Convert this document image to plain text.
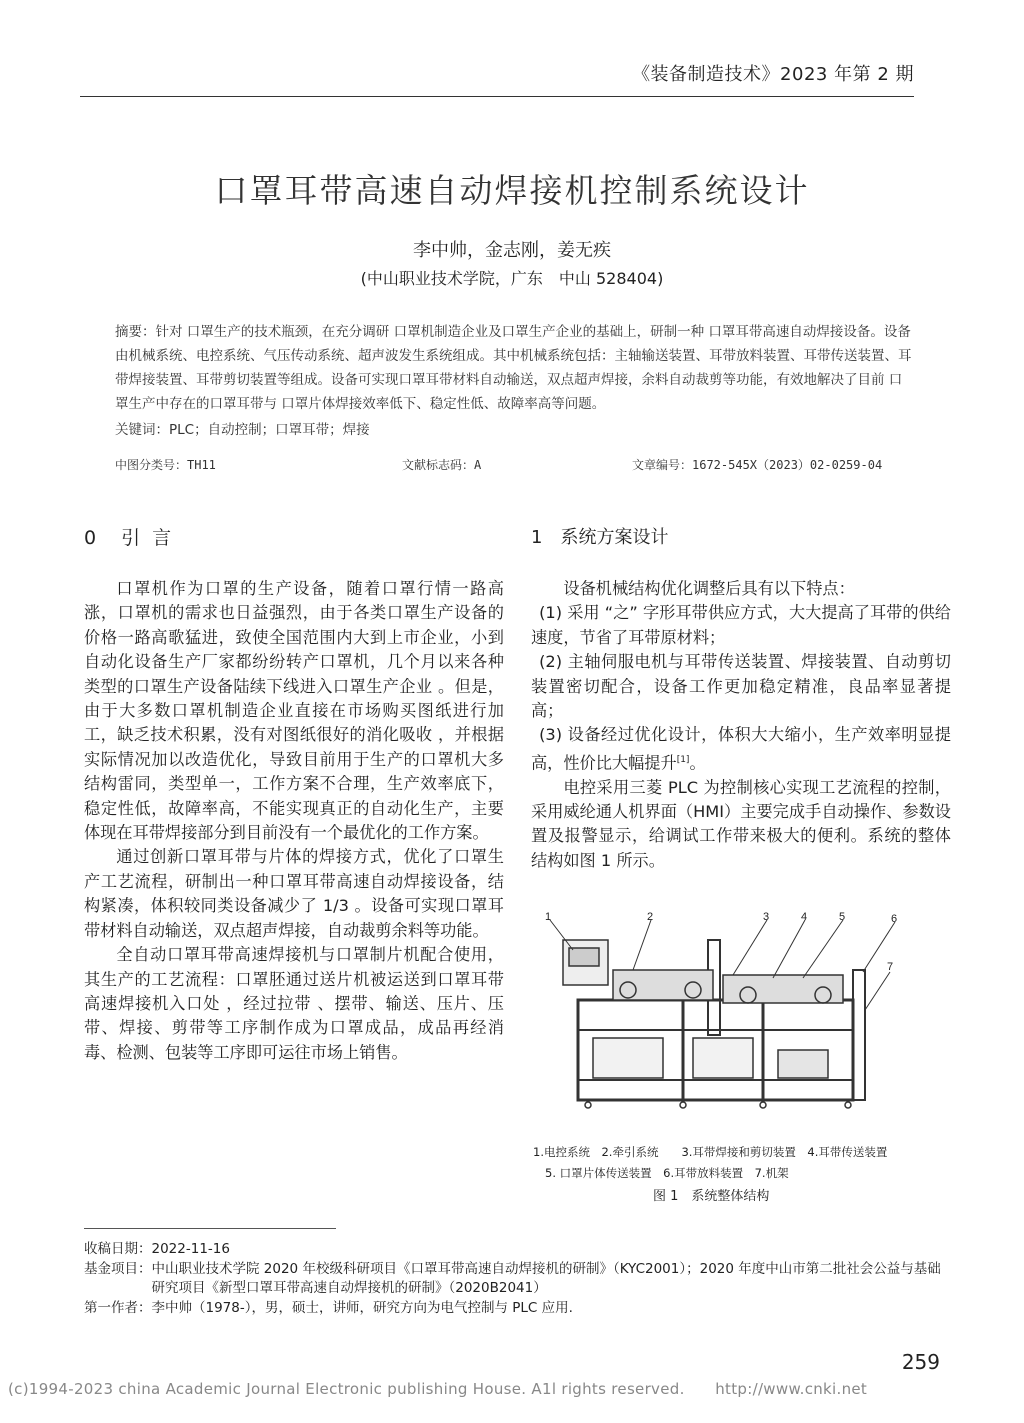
《装备制造技术》2023 年第 2 期
口罩耳带高速自动焊接机控制系统设计
李中帅，金志刚，姜无疾
(中山职业技术学院，广东　中山 528404)
摘要：针对 口罩生产的技术瓶颈，在充分调研 口罩机制造企业及口罩生产企业的基础上，研制一种 口罩耳带高速自动焊接设备。设备由机械系统、电控系统、气压传动系统、超声波发生系统组成。其中机械系统包括：主轴输送装置、耳带放料装置、耳带传送装置、耳带焊接装置、耳带剪切装置等组成。设备可实现口罩耳带材料自动输送，双点超声焊接，余料自动裁剪等功能，有效地解决了目前 口罩生产中存在的口罩耳带与 口罩片体焊接效率低下、稳定性低、故障率高等问题。
关键词：PLC；自动控制；口罩耳带；焊接
中图分类号：TH11	文献标志码：A	文章编号：1672-545X（2023）02-0259-04
0　引 言	1　系统方案设计

口罩机作为口罩的生产设备，随着口罩行情一路高涨，口罩机的需求也日益强烈，由于各类口罩生产设备的价格一路高歌猛进，致使全国范围内大到上市企业，小到自动化设备生产厂家都纷纷转产口罩机，几个月以来各种类型的口罩生产设备陆续下线进入口罩生产企业 。但是，由于大多数口罩机制造企业直接在市场购买图纸进行加工，缺乏技术积累，没有对图纸很好的消化吸收 ，并根据实际情况加以改造优化，导致目前用于生产的口罩机大多结构雷同，类型单一，工作方案不合理，生产效率底下，稳定性低，故障率高，不能实现真正的自动化生产，主要体现在耳带焊接部分到目前没有一个最优化的工作方案。

通过创新口罩耳带与片体的焊接方式，优化了口罩生产工艺流程，研制出一种口罩耳带高速自动焊接设备，结构紧凑，体积较同类设备减少了 1/3 。设备可实现口罩耳带材料自动输送，双点超声焊接，自动裁剪余料等功能。

全自动口罩耳带高速焊接机与口罩制片机配合使用，其生产的工艺流程：口罩胚通过送片机被运送到口罩耳带高速焊接机入口处 ，经过拉带 、摆带、输送、压片、压带、焊接、剪带等工序制作成为口罩成品，成品再经消毒、检测、包装等工序即可运往市场上销售。

设备机械结构优化调整后具有以下特点：

(1) 采用 “之” 字形耳带供应方式，大大提高了耳带的供给速度，节省了耳带原材料；

(2) 主轴伺服电机与耳带传送装置、焊接装置、自动剪切装置密切配合，设备工作更加稳定精准，良品率显著提高；

(3) 设备经过优化设计，体积大大缩小，生产效率明显提高，性价比大幅提升[1]。

电控采用三菱 PLC 为控制核心实现工艺流程的控制，采用威纶通人机界面（HMI）主要完成手自动操作、参数设置及报警显示，给调试工作带来极大的便利。系统的整体结构如图 1 所示。

1	2	3	4	5	6
7
1.电控系统　2.牵引系统　　3.耳带焊接和剪切装置　4.耳带传送装置
5. 口罩片体传送装置　6.耳带放料装置　7.机架
图 1　系统整体结构
收稿日期： 2022-11-16
基金项目： 中山职业技术学院 2020 年校级科研项目《口罩耳带高速自动焊接机的研制》（KYC2001）；2020 年度中山市第二批社会公益与基础研究项目《新型口罩耳带高速自动焊接机的研制》（2020B2041）
第一作者： 李中帅（1978-），男，硕士，讲师，研究方向为电气控制与 PLC 应用.
259
(c)1994-2023 china Academic Journal Electronic publishing House. A1l rights reserved.　　http://www.cnki.net
